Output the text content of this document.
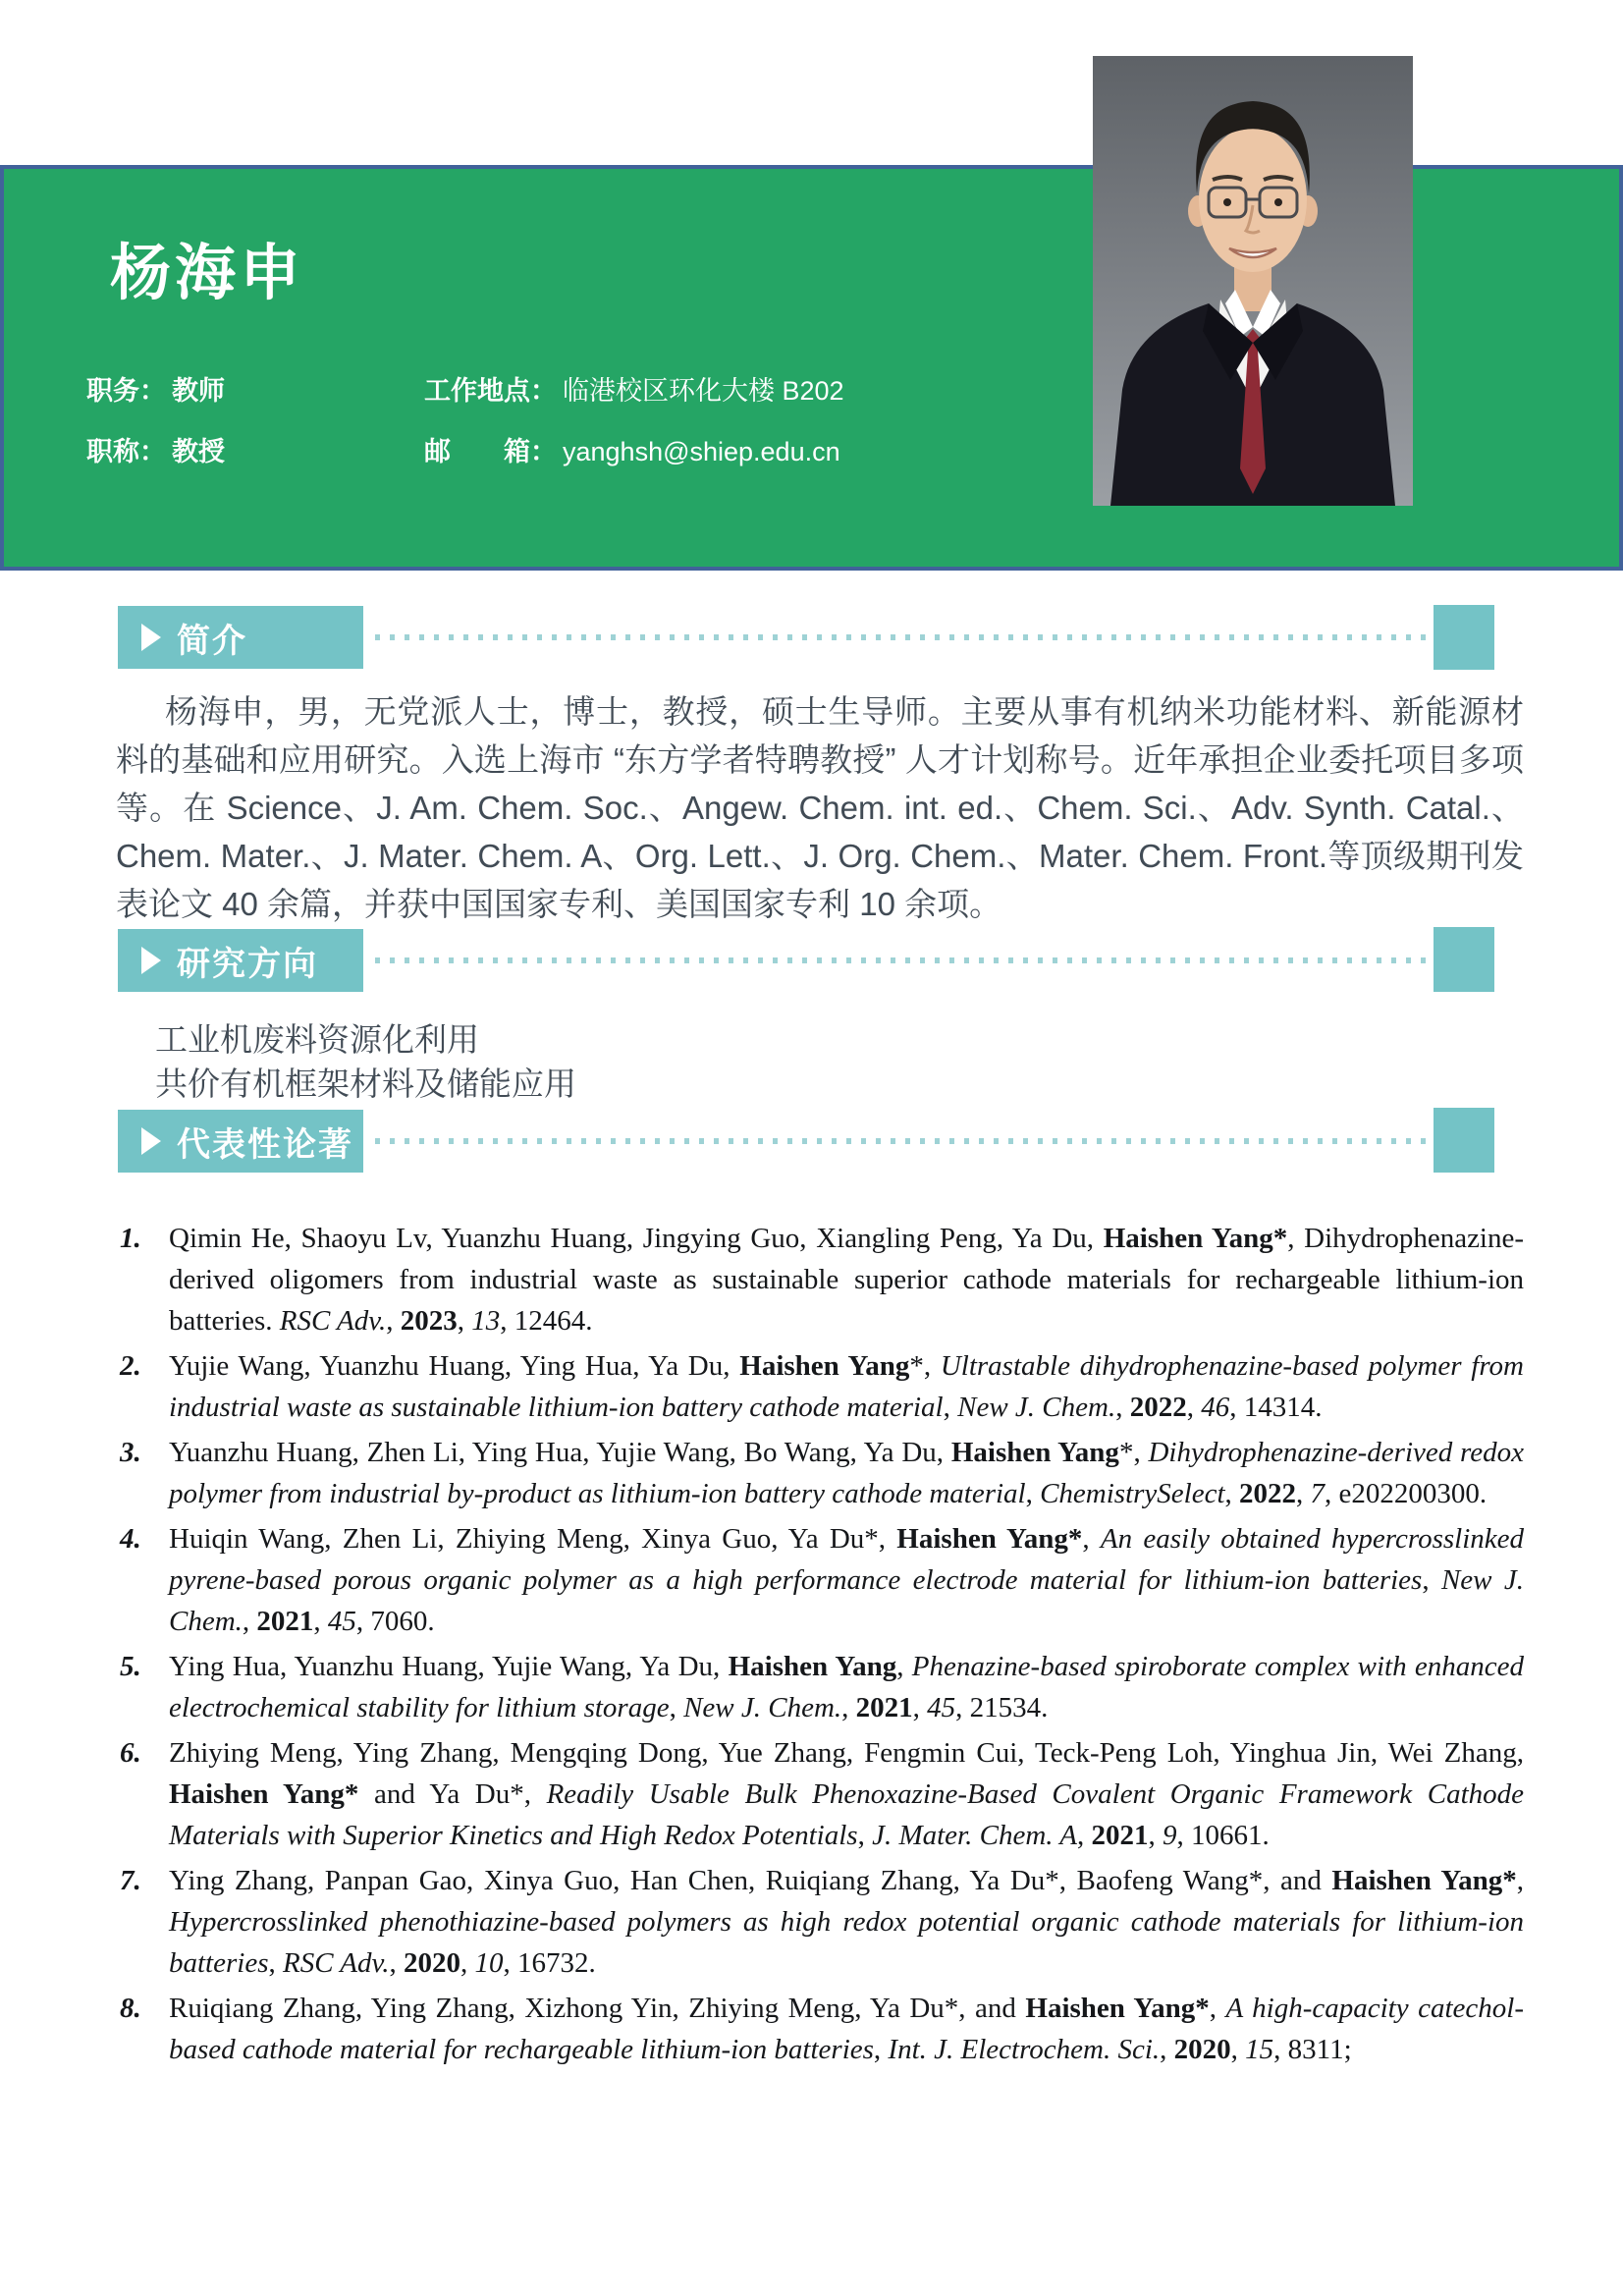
杨海申
职务： 教师
职称： 教授
工作地点： 临港校区环化大楼 B202
邮　　箱： yanghsh@shiep.edu.cn
简介
杨海申，男，无党派人士，博士，教授，硕士生导师。主要从事有机纳米功能材料、新能源材料的基础和应用研究。入选上海市 “东方学者特聘教授” 人才计划称号。近年承担企业委托项目多项等。在 Science、J. Am. Chem. Soc.、Angew. Chem. int. ed.、Chem. Sci.、Adv. Synth. Catal.、Chem. Mater.、J. Mater. Chem. A、Org. Lett.、J. Org. Chem.、Mater. Chem. Front.等顶级期刊发表论文 40 余篇，并获中国国家专利、美国国家专利 10 余项。
研究方向
工业机废料资源化利用
共价有机框架材料及储能应用
代表性论著
1. Qimin He, Shaoyu Lv, Yuanzhu Huang, Jingying Guo, Xiangling Peng, Ya Du, Haishen Yang*, Dihydrophenazine-derived oligomers from industrial waste as sustainable superior cathode materials for rechargeable lithium-ion batteries. RSC Adv., 2023, 13, 12464.
2. Yujie Wang, Yuanzhu Huang, Ying Hua, Ya Du, Haishen Yang*, Ultrastable dihydrophenazine-based polymer from industrial waste as sustainable lithium-ion battery cathode material, New J. Chem., 2022, 46, 14314.
3. Yuanzhu Huang, Zhen Li, Ying Hua, Yujie Wang, Bo Wang, Ya Du, Haishen Yang*, Dihydrophenazine-derived redox polymer from industrial by-product as lithium-ion battery cathode material, ChemistrySelect, 2022, 7, e202200300.
4. Huiqin Wang, Zhen Li, Zhiying Meng, Xinya Guo, Ya Du*, Haishen Yang*, An easily obtained hypercrosslinked pyrene-based porous organic polymer as a high performance electrode material for lithium-ion batteries, New J. Chem., 2021, 45, 7060.
5. Ying Hua, Yuanzhu Huang, Yujie Wang, Ya Du, Haishen Yang, Phenazine-based spiroborate complex with enhanced electrochemical stability for lithium storage, New J. Chem., 2021, 45, 21534.
6. Zhiying Meng, Ying Zhang, Mengqing Dong, Yue Zhang, Fengmin Cui, Teck-Peng Loh, Yinghua Jin, Wei Zhang, Haishen Yang* and Ya Du*, Readily Usable Bulk Phenoxazine-Based Covalent Organic Framework Cathode Materials with Superior Kinetics and High Redox Potentials, J. Mater. Chem. A, 2021, 9, 10661.
7. Ying Zhang, Panpan Gao, Xinya Guo, Han Chen, Ruiqiang Zhang, Ya Du*, Baofeng Wang*, and Haishen Yang*, Hypercrosslinked phenothiazine-based polymers as high redox potential organic cathode materials for lithium-ion batteries, RSC Adv., 2020, 10, 16732.
8. Ruiqiang Zhang, Ying Zhang, Xizhong Yin, Zhiying Meng, Ya Du*, and Haishen Yang*, A high-capacity catechol-based cathode material for rechargeable lithium-ion batteries, Int. J. Electrochem. Sci., 2020, 15, 8311;
